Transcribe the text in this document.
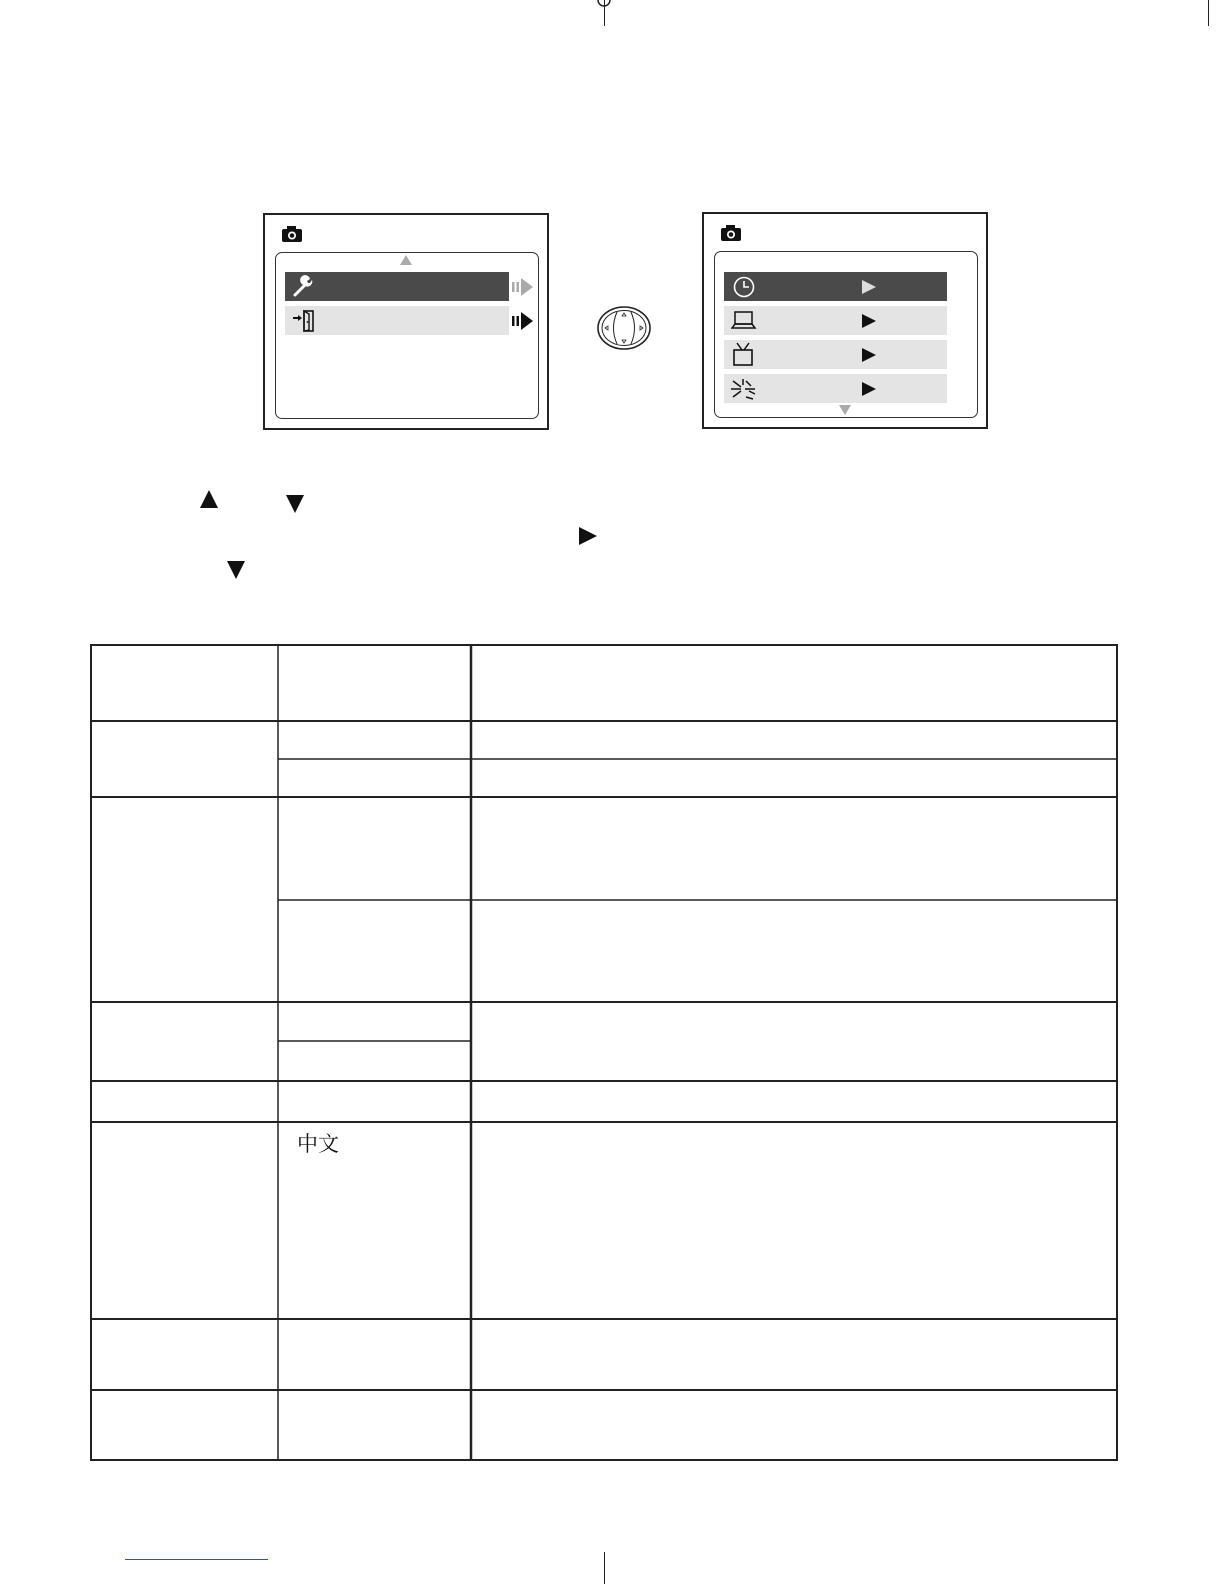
中文
